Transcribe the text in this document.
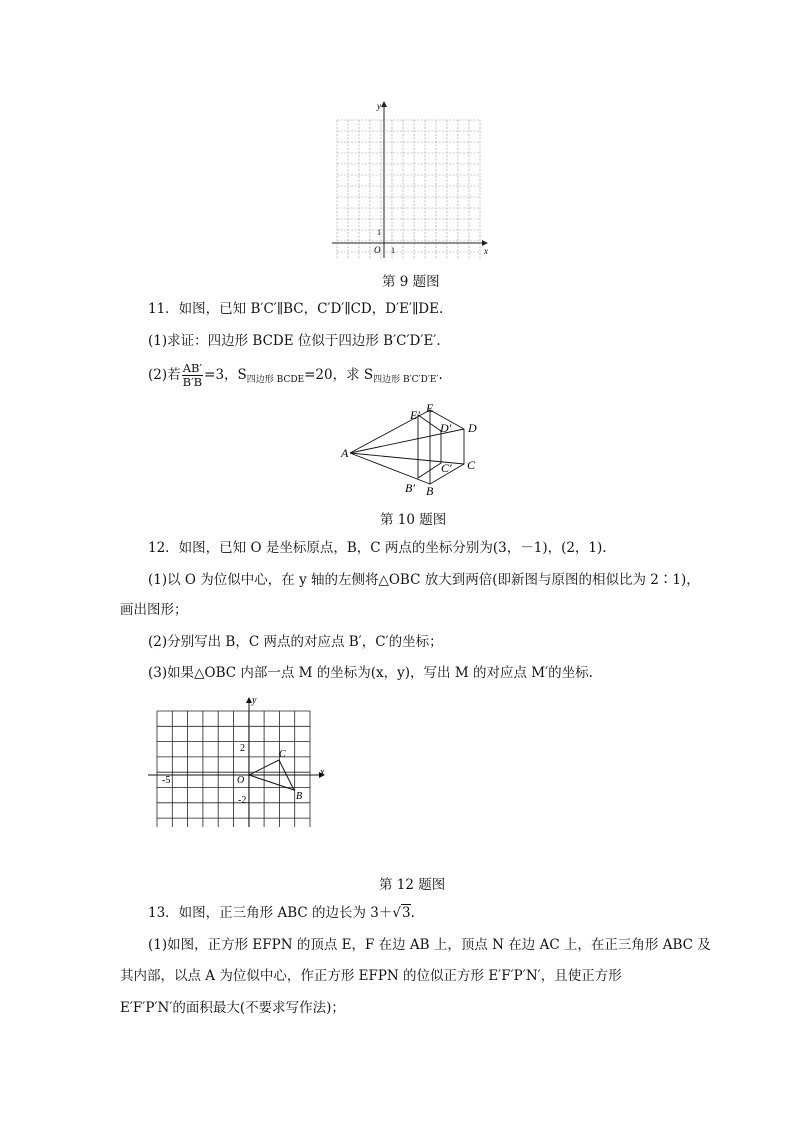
x
y
O 1
1
第 9 题图
11．如图，已知 B′C′∥BC，C′D′∥CD，D′E′∥DE.
(1)求证：四边形 BCDE 位似于四边形 B′C′D′E′.
(2)若 $\frac{AB'}{B'B} =3$，$S_{四边形 BCDE}=20$，求 $S_{四边形 B'C'D'E'}$.
A
E′ E
D′ D
C′ C
B′ B
第 10 题图
12．如图，已知 O 是坐标原点，B，C 两点的坐标分别为(3，－1)，(2，1).
(1)以 O 为位似中心，在 y 轴的左侧将△OBC 放大到两倍(即新图与原图的相似比为 2∶1)，
画出图形；
(2)分别写出 B，C 两点的对应点 B′，C′的坐标；
(3)如果△OBC 内部一点 M 的坐标为(x，y)，写出 M 的对应点 M′的坐标.
x
y
O
2
-2
-5
C
B
第 12 题图
13．如图，正三角形 ABC 的边长为 3＋√3.
(1)如图，正方形 EFPN 的顶点 E，F 在边 AB 上，顶点 N 在边 AC 上，在正三角形 ABC 及
其内部，以点 A 为位似中心，作正方形 EFPN 的位似正方形 E′F′P′N′，且使正方形
E′F′P′N′的面积最大(不要求写作法)；
